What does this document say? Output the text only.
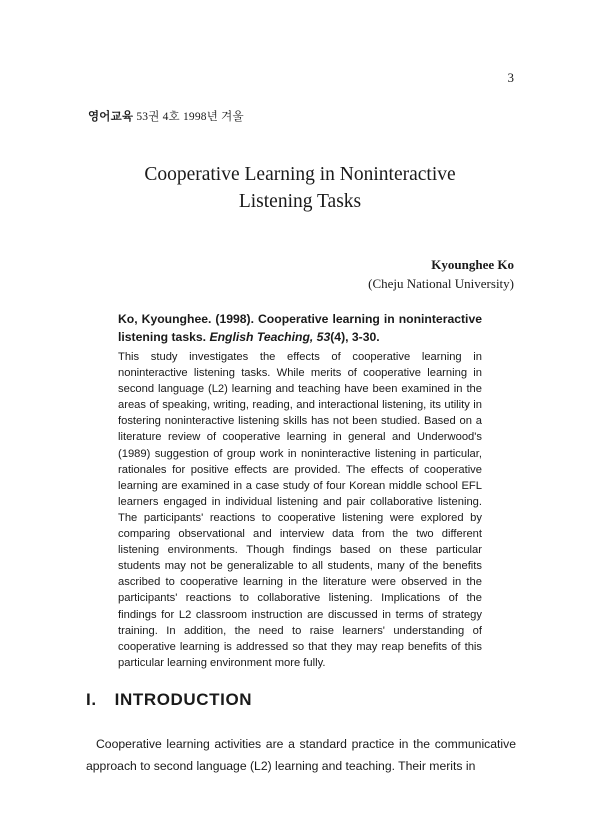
3
영어교육 53권 4호 1998년 겨울
Cooperative Learning in Noninteractive
Listening Tasks
Kyounghee Ko
(Cheju National University)
Ko, Kyounghee. (1998). Cooperative learning in noninteractive listening tasks. English Teaching, 53(4), 3-30.
This study investigates the effects of cooperative learning in noninteractive listening tasks. While merits of cooperative learning in second language (L2) learning and teaching have been examined in the areas of speaking, writing, reading, and interactional listening, its utility in fostering noninteractive listening skills has not been studied. Based on a literature review of cooperative learning in general and Underwood's (1989) suggestion of group work in noninteractive listening in particular, rationales for positive effects are provided. The effects of cooperative learning are examined in a case study of four Korean middle school EFL learners engaged in individual listening and pair collaborative listening. The participants' reactions to cooperative listening were explored by comparing observational and interview data from the two different listening environments. Though findings based on these particular students may not be generalizable to all students, many of the benefits ascribed to cooperative learning in the literature were observed in the participants' reactions to collaborative listening. Implications of the findings for L2 classroom instruction are discussed in terms of strategy training. In addition, the need to raise learners' understanding of cooperative learning is addressed so that they may reap benefits of this particular learning environment more fully.
I. INTRODUCTION
Cooperative learning activities are a standard practice in the communicative approach to second language (L2) learning and teaching. Their merits in
